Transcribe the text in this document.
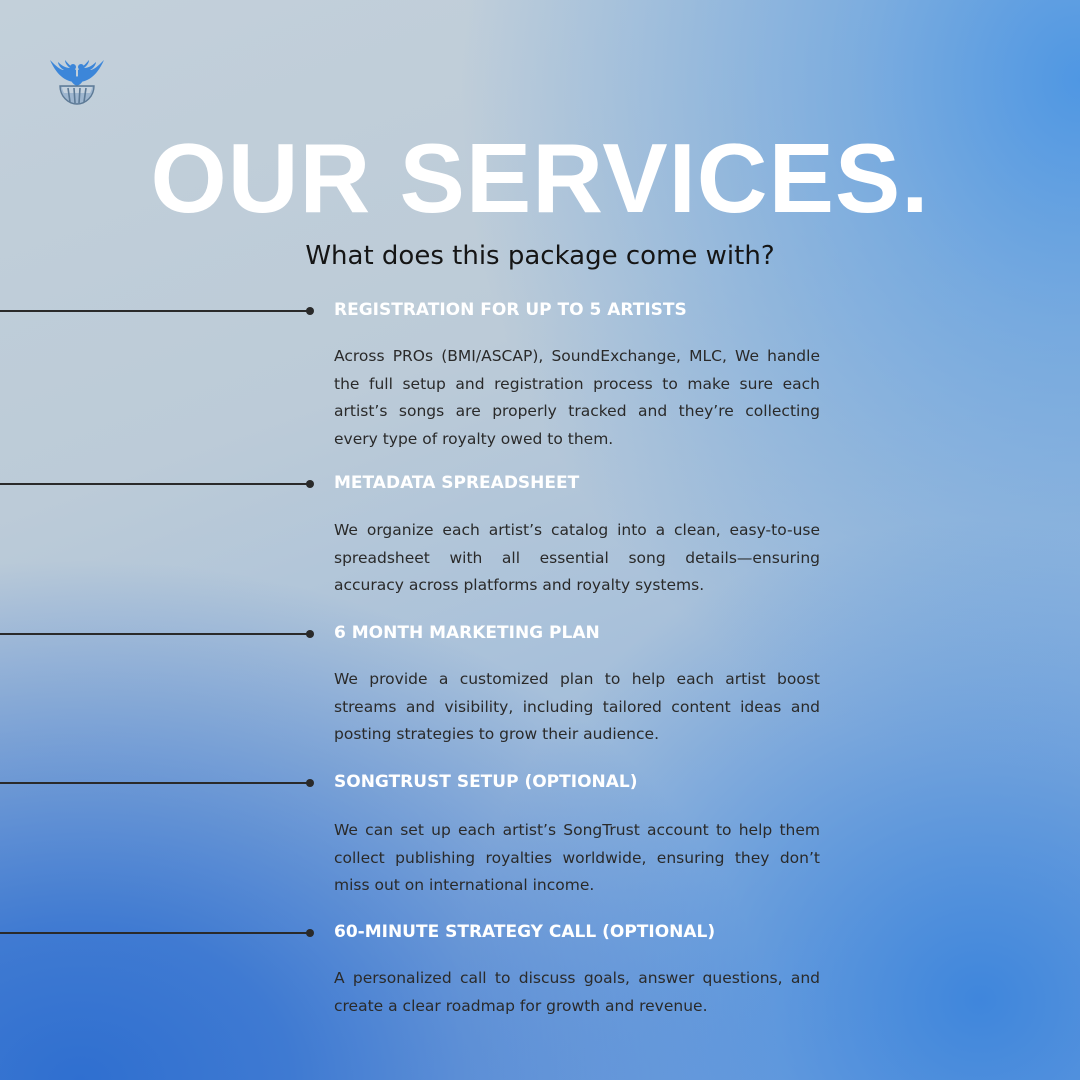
OUR SERVICES.
What does this package come with?
REGISTRATION FOR UP TO 5 ARTISTS
Across PROs (BMI/ASCAP), SoundExchange, MLC, We handle the full setup and registration process to make sure each artist’s songs are properly tracked and they’re collecting every type of royalty owed to them.
METADATA SPREADSHEET
We organize each artist’s catalog into a clean, easy-to-use spreadsheet with all essential song details—ensuring accuracy across platforms and royalty systems.
6 MONTH MARKETING PLAN
We provide a customized plan to help each artist boost streams and visibility, including tailored content ideas and posting strategies to grow their audience.
SONGTRUST SETUP (OPTIONAL)
We can set up each artist’s SongTrust account to help them collect publishing royalties worldwide, ensuring they don’t miss out on international income.
60-MINUTE STRATEGY CALL (OPTIONAL)
A personalized call to discuss goals, answer questions, and create a clear roadmap for growth and revenue.
